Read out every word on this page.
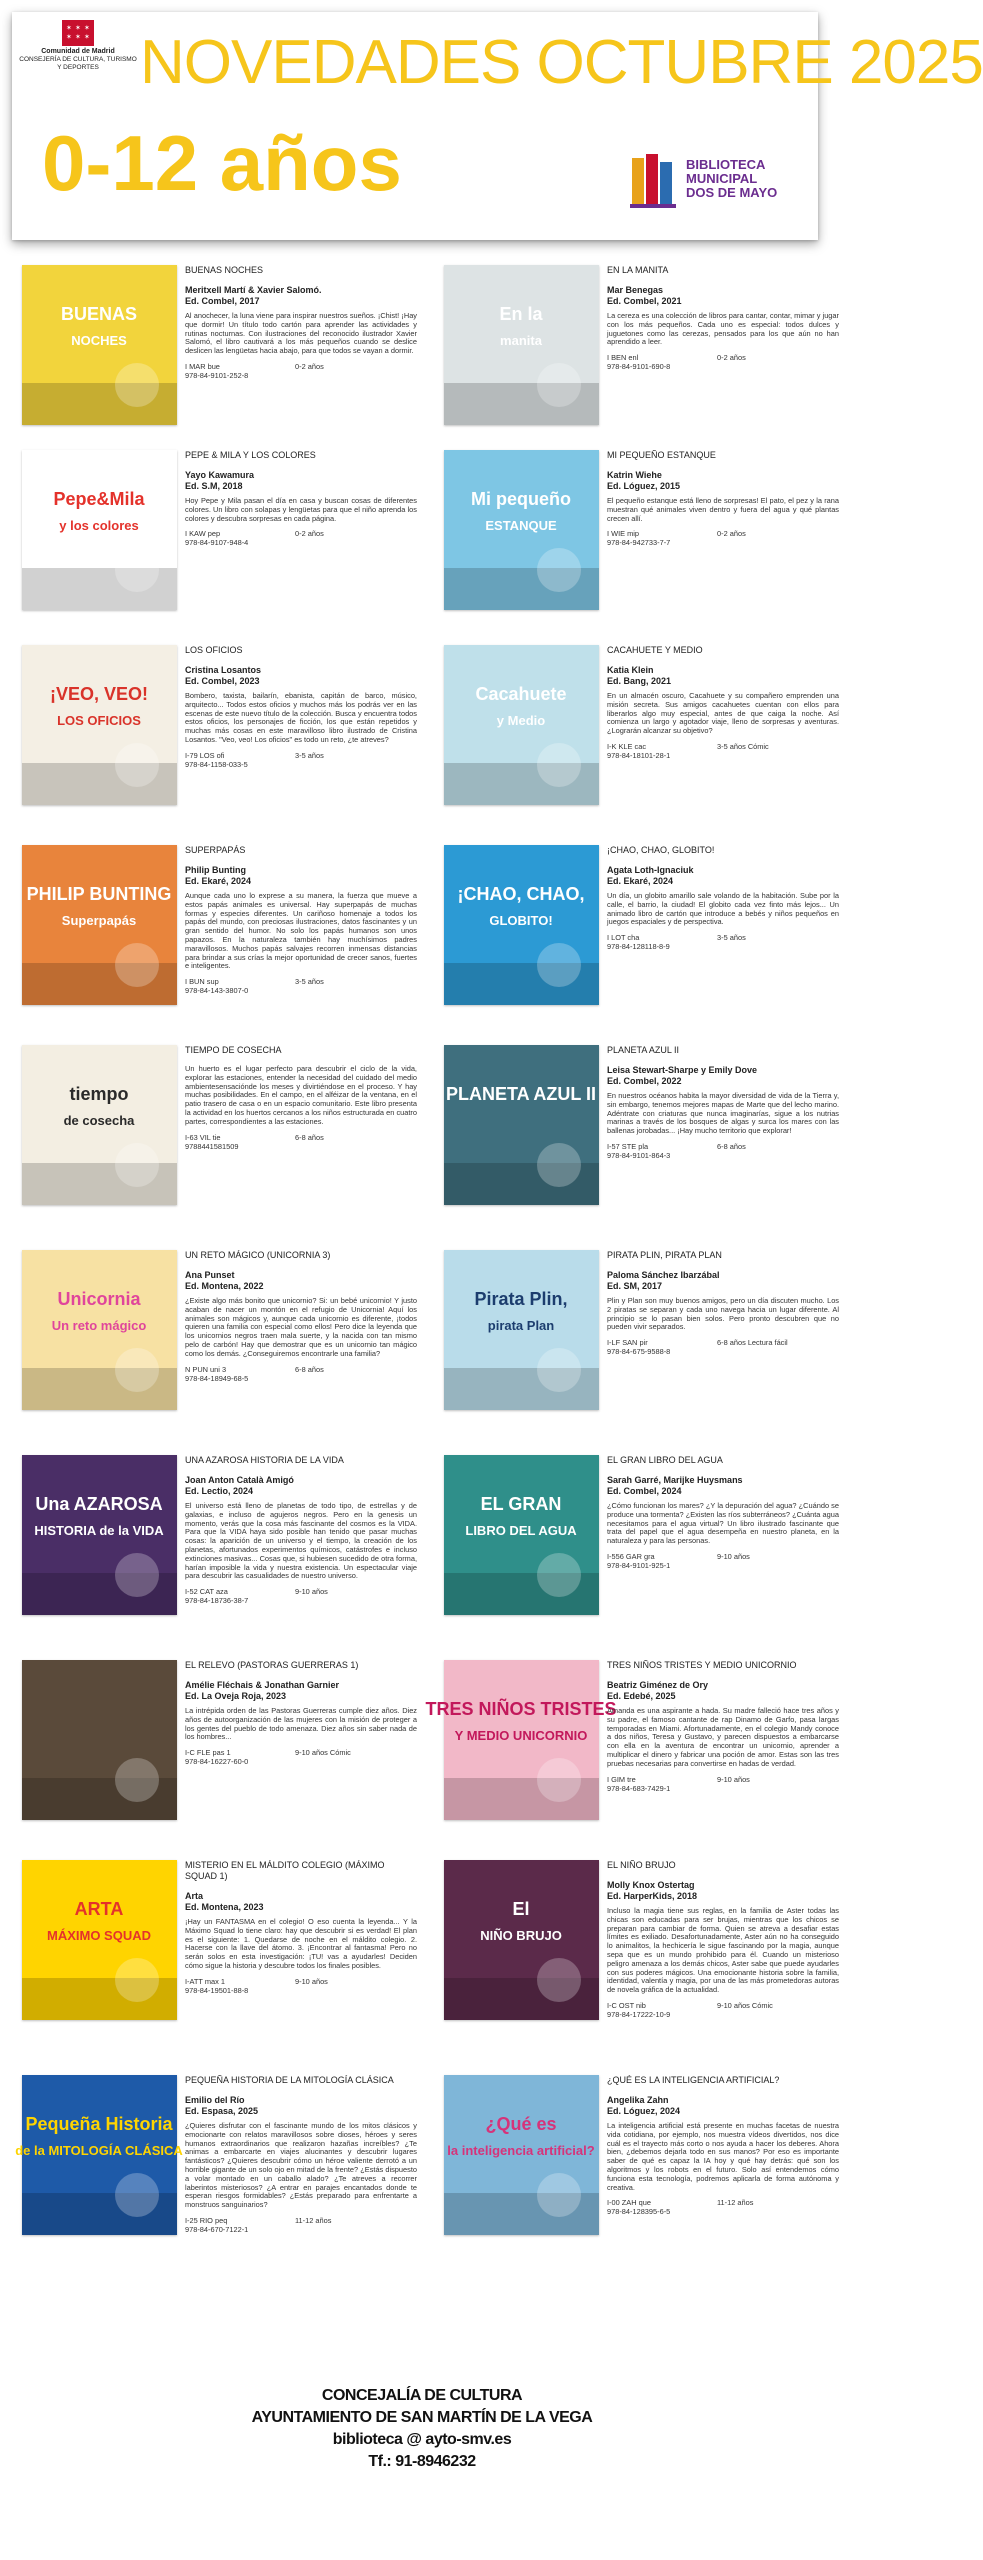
✶ ✶ ✶
✶ ✶ ✶
Comunidad de Madrid
CONSEJERÍA DE CULTURA, TURISMO Y DEPORTES NOVEDADES OCTUBRE 2025
0-12 años	BIBLIOTECA
MUNICIPAL
DOS DE MAYO
BUENAS
NOCHES
BUENAS NOCHES
Meritxell Martí & Xavier Salomó.
Ed. Combel, 2017
Al anochecer, la luna viene para inspirar nuestros sueños. ¡Chist! ¡Hay que dormir! Un título todo cartón para aprender las actividades y rutinas nocturnas. Con ilustraciones del reconocido ilustrador Xavier Salomó, el libro cautivará a los más pequeños cuando se deslice deslicen las lengüetas hacia abajo, para que todos se vayan a dormir.
I MAR bue	0-2 años
978-84-9101-252-8
En la
manita
EN LA MANITA
Mar Benegas
Ed. Combel, 2021
La cereza es una colección de libros para cantar, contar, mimar y jugar con los más pequeños. Cada uno es especial: todos dulces y juguetones como las cerezas, pensados para los que aún no han aprendido a leer.
I BEN enl	0-2 años
978-84-9101-690-8
Pepe&Mila
y los colores
PEPE & MILA Y LOS COLORES
Yayo Kawamura
Ed. S.M, 2018
Hoy Pepe y Mila pasan el día en casa y buscan cosas de diferentes colores. Un libro con solapas y lengüetas para que el niño aprenda los colores y descubra sorpresas en cada página.
I KAW pep	0-2 años
978-84-9107-948-4
Mi pequeño
ESTANQUE
MI PEQUEÑO ESTANQUE
Katrin Wiehe
Ed. Lóguez, 2015
El pequeño estanque está lleno de sorpresas! El pato, el pez y la rana muestran qué animales viven dentro y fuera del agua y qué plantas crecen allí.
I WIE mip	0-2 años
978-84-942733-7-7
¡VEO, VEO!
LOS OFICIOS
LOS OFICIOS
Cristina Losantos
Ed. Combel, 2023
Bombero, taxista, bailarín, ebanista, capitán de barco, músico, arquitecto... Todos estos oficios y muchos más los podrás ver en las escenas de este nuevo título de la colección. Busca y encuentra todos estos oficios, los personajes de ficción, los que están repetidos y muchas más cosas en este maravilloso libro ilustrado de Cristina Losantos. "Veo, veo! Los oficios" es todo un reto, ¿te atreves?
I-79 LOS ofi	3-5 años
978-84-1158-033-5
Cacahuete
y Medio
CACAHUETE Y MEDIO
Katia Klein
Ed. Bang, 2021
En un almacén oscuro, Cacahuete y su compañero emprenden una misión secreta. Sus amigos cacahuetes cuentan con ellos para liberarlos algo muy especial, antes de que caiga la noche. Así comienza un largo y agotador viaje, lleno de sorpresas y aventuras. ¿Lograrán alcanzar su objetivo?
I-K KLE cac	3-5 años Cómic
978-84-18101-28-1
PHILIP BUNTING
Superpapás
SUPERPAPÁS
Philip Bunting
Ed. Ekaré, 2024
Aunque cada uno lo exprese a su manera, la fuerza que mueve a estos papás animales es universal. Hay superpapás de muchas formas y especies diferentes. Un cariñoso homenaje a todos los papás del mundo, con preciosas ilustraciones, datos fascinantes y un gran sentido del humor. No solo los papás humanos son unos papazos. En la naturaleza también hay muchísimos padres maravillosos. Muchos papás salvajes recorren inmensas distancias para brindar a sus crías la mejor oportunidad de crecer sanos, fuertes e inteligentes.
I BUN sup	3-5 años
978-84-143-3807-0
¡CHAO, CHAO,
GLOBITO!
¡CHAO, CHAO, GLOBITO!
Agata Loth-Ignaciuk
Ed. Ekaré, 2024
Un día, un globito amarillo sale volando de la habitación. Sube por la calle, el barrio, la ciudad! El globito cada vez finto más lejos... Un animado libro de cartón que introduce a bebés y niños pequeños en juegos espaciales y de perspectiva.
I LOT cha	3-5 años
978-84-128118-8-9
tiempo
de cosecha
TIEMPO DE COSECHA
Un huerto es el lugar perfecto para descubrir el ciclo de la vida, explorar las estaciones, entender la necesidad del cuidado del medio ambientesensaciónde los meses y divirtiéndose en el proceso. Y hay muchas posibilidades. En el campo, en el alféizar de la ventana, en el patio trasero de casa o en un espacio comunitario. Este libro presenta la actividad en los huertos cercanos a los niños estructurada en cuatro partes, correspondientes a las estaciones.
I-63 VIL tie	6-8 años
9788441581509
PLANETA AZUL II
PLANETA AZUL II
Leisa Stewart-Sharpe y Emily Dove
Ed. Combel, 2022
En nuestros océanos habita la mayor diversidad de vida de la Tierra y, sin embargo, tenemos mejores mapas de Marte que del lecho marino. Adéntrate con criaturas que nunca imaginarías, sigue a los nutrias marinas a través de los bosques de algas y surca los mares con las ballenas jorobadas... ¡Hay mucho territorio que explorar!
I-57 STE pla	6-8 años
978-84-9101-864-3
Unicornia
Un reto mágico
UN RETO MÁGICO (UNICORNIA 3)
Ana Punset
Ed. Montena, 2022
¿Existe algo más bonito que unicornio? Si: un bebé unicornio! Y justo acaban de nacer un montón en el refugio de Unicornia! Aquí los animales son mágicos y, aunque cada unicornio es diferente, ¡todos quieren una familia con especial como ellos! Pero dice la leyenda que los unicornios negros traen mala suerte, y la nacida con tan mismo pelo de carbón! Hay que demostrar que es un unicornio tan mágico como los demás. ¿Conseguiremos encontrarle una familia?
N PUN uni 3	6-8 años
978-84-18949-68-5
Pirata Plin,
pirata Plan
PIRATA PLIN, PIRATA PLAN
Paloma Sánchez Ibarzábal
Ed. SM, 2017
Plin y Plan son muy buenos amigos, pero un día discuten mucho. Los 2 piratas se separan y cada uno navega hacia un lugar diferente. Al principio se lo pasan bien solos. Pero pronto descubren que no pueden vivir separados.
I-LF SAN pir	6-8 años Lectura fácil
978-84-675-9588-8
Una AZAROSA
HISTORIA de la VIDA
UNA AZAROSA HISTORIA DE LA VIDA
Joan Anton Català Amigó
Ed. Lectio, 2024
El universo está lleno de planetas de todo tipo, de estrellas y de galaxias, e incluso de agujeros negros. Pero en la genesis un momento, verás que la cosa más fascinante del cosmos es la VIDA. Para que la VIDA haya sido posible han tenido que pasar muchas cosas: la aparición de un universo y el tiempo, la creación de los planetas, afortunados experimentos químicos, catástrofes e incluso extinciones masivas... Cosas que, si hubiesen sucedido de otra forma, harían imposible la vida y nuestra existencia. Un espectacular viaje para descubrir las casualidades de nuestro universo.
I-52 CAT aza	9-10 años
978-84-18736-38-7
EL GRAN
LIBRO DEL AGUA
EL GRAN LIBRO DEL AGUA
Sarah Garré, Marijke Huysmans
Ed. Combel, 2024
¿Cómo funcionan los mares? ¿Y la depuración del agua? ¿Cuándo se produce una tormenta? ¿Existen las ríos subterráneos? ¿Cuánta agua necesitamos para el agua virtual? Un libro ilustrado fascinante que trata del papel que el agua desempeña en nuestro planeta, en la naturaleza y para las personas.
I-556 GAR gra	9-10 años
978-84-9101-925-1
EL RELEVO (PASTORAS GUERRERAS 1)
Amélie Fléchais & Jonathan Garnier
Ed. La Oveja Roja, 2023
La intrépida orden de las Pastoras Guerreras cumple diez años. Diez años de autoorganización de las mujeres con la misión de proteger a los gentes del pueblo de todo amenaza. Diez años sin saber nada de los hombres...
I-C FLE pas 1	9-10 años Cómic
978-84-16227-60-0
TRES NIÑOS TRISTES
Y MEDIO UNICORNIO
TRES NIÑOS TRISTES Y MEDIO UNICORNIO
Beatriz Giménez de Ory
Ed. Edebé, 2025
Amanda es una aspirante a hada. Su madre falleció hace tres años y su padre, el famoso cantante de rap Dinamo de Garfo, pasa largas temporadas en Miami. Afortunadamente, en el colegio Mandy conoce a dos niños, Teresa y Gustavo, y parecen dispuestos a embarcarse con ella en la aventura de encontrar un unicornio, aprender a multiplicar el dinero y fabricar una poción de amor. Estas son las tres pruebas necesarias para convertirse en hadas de verdad.
I GIM tre	9-10 años
978-84-683-7429-1
ARTA
MÁXIMO SQUAD
MISTERIO EN EL MÁLDITO COLEGIO (MÁXIMO SQUAD 1)
Arta
Ed. Montena, 2023
¡Hay un FANTASMA en el colegio! O eso cuenta la leyenda... Y la Máximo Squad lo tiene claro: hay que descubrir si es verdad! El plan es el siguiente: 1. Quedarse de noche en el máldito colegio. 2. Hacerse con la llave del átomo. 3. ¡Encontrar al fantasma! Pero no serán solos en esta investigación: ¡TU! vas a ayudarles! Deciden cómo sigue la historia y descubre todos los finales posibles.
I-ATT max 1	9-10 años
978-84-19501-88-8
El
NIÑO BRUJO
EL NIÑO BRUJO
Molly Knox Ostertag
Ed. HarperKids, 2018
Incluso la magia tiene sus reglas, en la familia de Aster todas las chicas son educadas para ser brujas, mientras que los chicos se preparan para cambiar de forma. Quien se atreva a desafiar estas límites es exiliado. Desafortunadamente, Aster aún no ha conseguido lo animalitos, la hechicería le sigue fascinando por la magia, aunque sepa que es un mundo prohibido para él. Cuando un misterioso peligro amenaza a los demás chicos, Aster sabe que puede ayudarles con sus poderes mágicos. Una emocionante historia sobre la familia, identidad, valentía y magia, por una de las más prometedoras autoras de novela gráfica de la actualidad.
I-C OST nib	9-10 años Cómic
978-84-17222-10-9
Pequeña Historia
de la MITOLOGÍA CLÁSICA
PEQUEÑA HISTORIA DE LA MITOLOGÍA CLÁSICA
Emilio del Río
Ed. Espasa, 2025
¿Quieres disfrutar con el fascinante mundo de los mitos clásicos y emocionarte con relatos maravillosos sobre dioses, héroes y seres humanos extraordinarios que realizaron hazañas increíbles? ¿Te animas a embarcarte en viajes alucinantes y descubrir lugares fantásticos? ¿Quieres descubrir cómo un héroe valiente derrotó a un horrible gigante de un solo ojo en mitad de la frente? ¿Estás dispuesto a volar montado en un caballo alado? ¿Te atreves a recorrer laberintos misteriosos? ¿A entrar en parajes encantados donde te esperan riesgos formidables? ¿Estás preparado para enfrentarte a monstruos sanguinarios?
I-25 RIO peq	11-12 años
978-84-670-7122-1
¿Qué es
la inteligencia artificial?
¿QUÉ ES LA INTELIGENCIA ARTIFICIAL?
Angelika Zahn
Ed. Lóguez, 2024
La inteligencia artificial está presente en muchas facetas de nuestra vida cotidiana, por ejemplo, nos muestra vídeos divertidos, nos dice cuál es el trayecto más corto o nos ayuda a hacer los deberes. Ahora bien, ¿debemos dejarla todo en sus manos? Por eso es importante saber de qué es capaz la IA hoy y qué hay detrás: qué son los algoritmos y los robots en el futuro. Solo así entendemos cómo funciona esta tecnología, podremos aplicarla de forma autónoma y creativa.
I-00 ZAH que	11-12 años
978-84-128395-6-5
CONCEJALÍA DE CULTURA
AYUNTAMIENTO DE SAN MARTÍN DE LA VEGA
biblioteca @ ayto-smv.es
Tf.: 91-8946232
